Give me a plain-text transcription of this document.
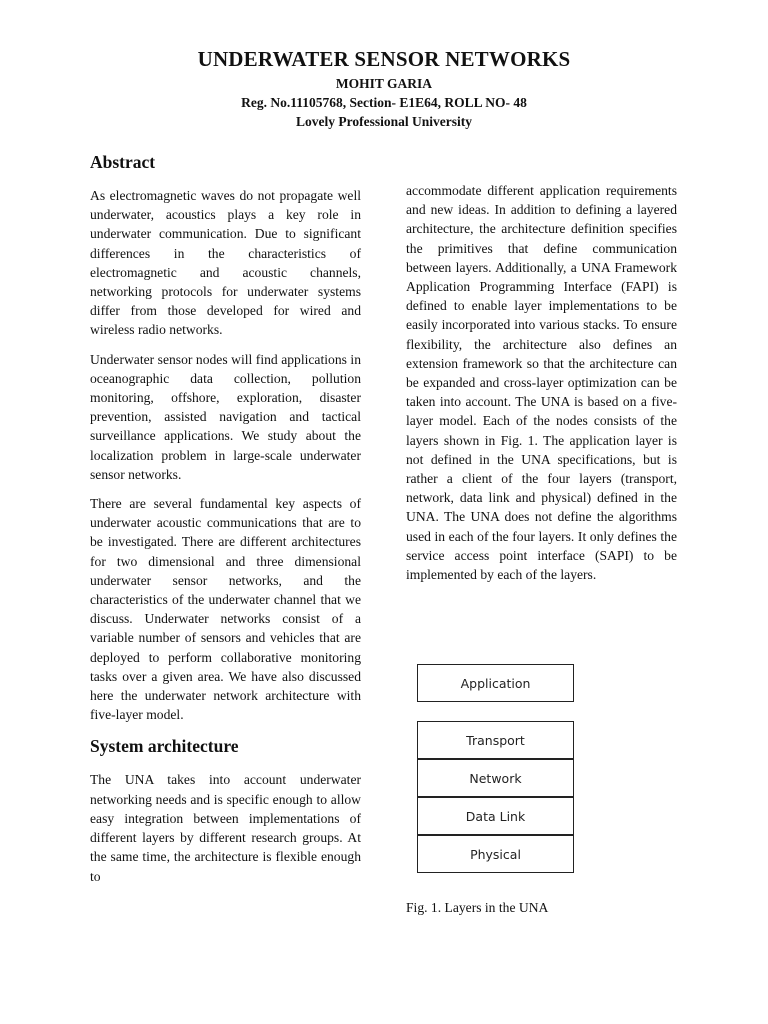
UNDERWATER SENSOR NETWORKS
MOHIT GARIA
Reg. No.11105768, Section- E1E64, ROLL NO- 48
Lovely Professional University
Abstract

As electromagnetic waves do not propagate well underwater, acoustics plays a key role in underwater communication. Due to significant differences in the characteristics of electromagnetic and acoustic channels, networking protocols for underwater systems differ from those developed for wired and wireless radio networks.

Underwater sensor nodes will find applications in oceanographic data collection, pollution monitoring, offshore, exploration, disaster prevention, assisted navigation and tactical surveillance applications. We study about the localization problem in large-scale underwater sensor networks.

There are several fundamental key aspects of underwater acoustic communications that are to be investigated. There are different architectures for two dimensional and three dimensional underwater sensor networks, and the characteristics of the underwater channel that we discuss. Underwater networks consist of a variable number of sensors and vehicles that are deployed to perform collaborative monitoring tasks over a given area. We have also discussed here the underwater network architecture with five-layer model.

System architecture

The UNA takes into account underwater networking needs and is specific enough to allow easy integration between implementations of different layers by different research groups. At the same time, the architecture is flexible enough to

accommodate different application requirements and new ideas. In addition to defining a layered architecture, the architecture definition specifies the primitives that define communication between layers. Additionally, a UNA Framework Application Programming Interface (FAPI) is defined to enable layer implementations to be easily incorporated into various stacks. To ensure flexibility, the architecture also defines an extension framework so that the architecture can be expanded and cross-layer optimization can be taken into account. The UNA is based on a five-layer model. Each of the nodes consists of the layers shown in Fig. 1. The application layer is not defined in the UNA specifications, but is rather a client of the four layers (transport, network, data link and physical) defined in the UNA. The UNA does not define the algorithms used in each of the four layers. It only defines the service access point interface (SAPI) to be implemented by each of the layers.

Application
Transport
Network
Data Link
Physical
Fig. 1. Layers in the UNA
